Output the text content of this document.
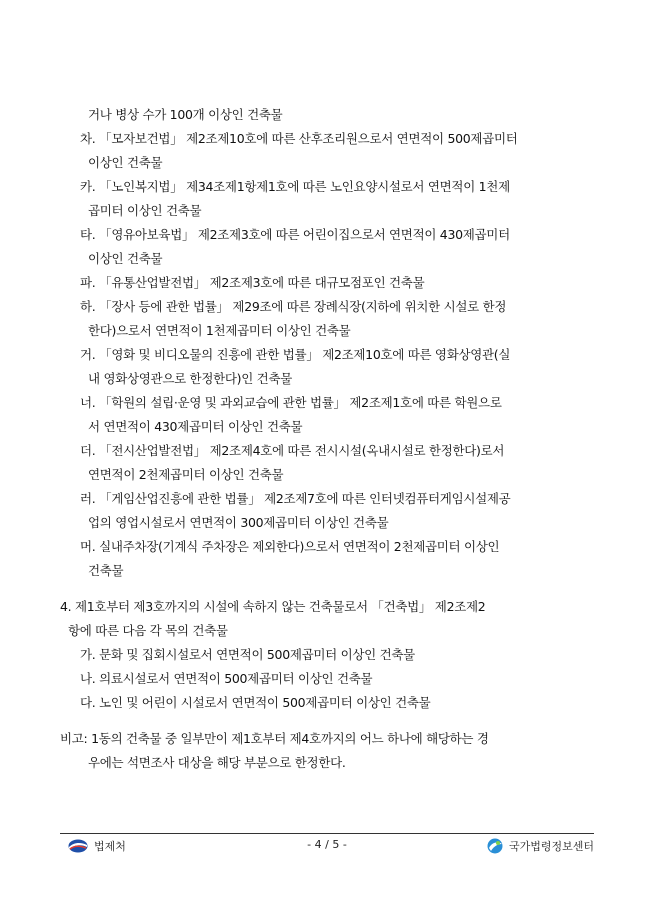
거나 병상 수가 100개 이상인 건축물
차. 「모자보건법」 제2조제10호에 따른 산후조리원으로서 연면적이 500제곱미터
이상인 건축물
카. 「노인복지법」 제34조제1항제1호에 따른 노인요양시설로서 연면적이 1천제
곱미터 이상인 건축물
타. 「영유아보육법」 제2조제3호에 따른 어린이집으로서 연면적이 430제곱미터
이상인 건축물
파. 「유통산업발전법」 제2조제3호에 따른 대규모점포인 건축물
하. 「장사 등에 관한 법률」 제29조에 따른 장례식장(지하에 위치한 시설로 한정
한다)으로서 연면적이 1천제곱미터 이상인 건축물
거. 「영화 및 비디오물의 진흥에 관한 법률」 제2조제10호에 따른 영화상영관(실
내 영화상영관으로 한정한다)인 건축물
너. 「학원의 설립·운영 및 과외교습에 관한 법률」 제2조제1호에 따른 학원으로
서 연면적이 430제곱미터 이상인 건축물
더. 「전시산업발전법」 제2조제4호에 따른 전시시설(옥내시설로 한정한다)로서
연면적이 2천제곱미터 이상인 건축물
러. 「게임산업진흥에 관한 법률」 제2조제7호에 따른 인터넷컴퓨터게임시설제공
업의 영업시설로서 연면적이 300제곱미터 이상인 건축물
머. 실내주차장(기계식 주차장은 제외한다)으로서 연면적이 2천제곱미터 이상인
건축물
4. 제1호부터 제3호까지의 시설에 속하지 않는 건축물로서 「건축법」 제2조제2
항에 따른 다음 각 목의 건축물
가. 문화 및 집회시설로서 연면적이 500제곱미터 이상인 건축물
나. 의료시설로서 연면적이 500제곱미터 이상인 건축물
다. 노인 및 어린이 시설로서 연면적이 500제곱미터 이상인 건축물
비고: 1동의 건축물 중 일부만이 제1호부터 제4호까지의 어느 하나에 해당하는 경
우에는 석면조사 대상을 해당 부분으로 한정한다.
법제처	- 4 / 5 -	국가법령정보센터
